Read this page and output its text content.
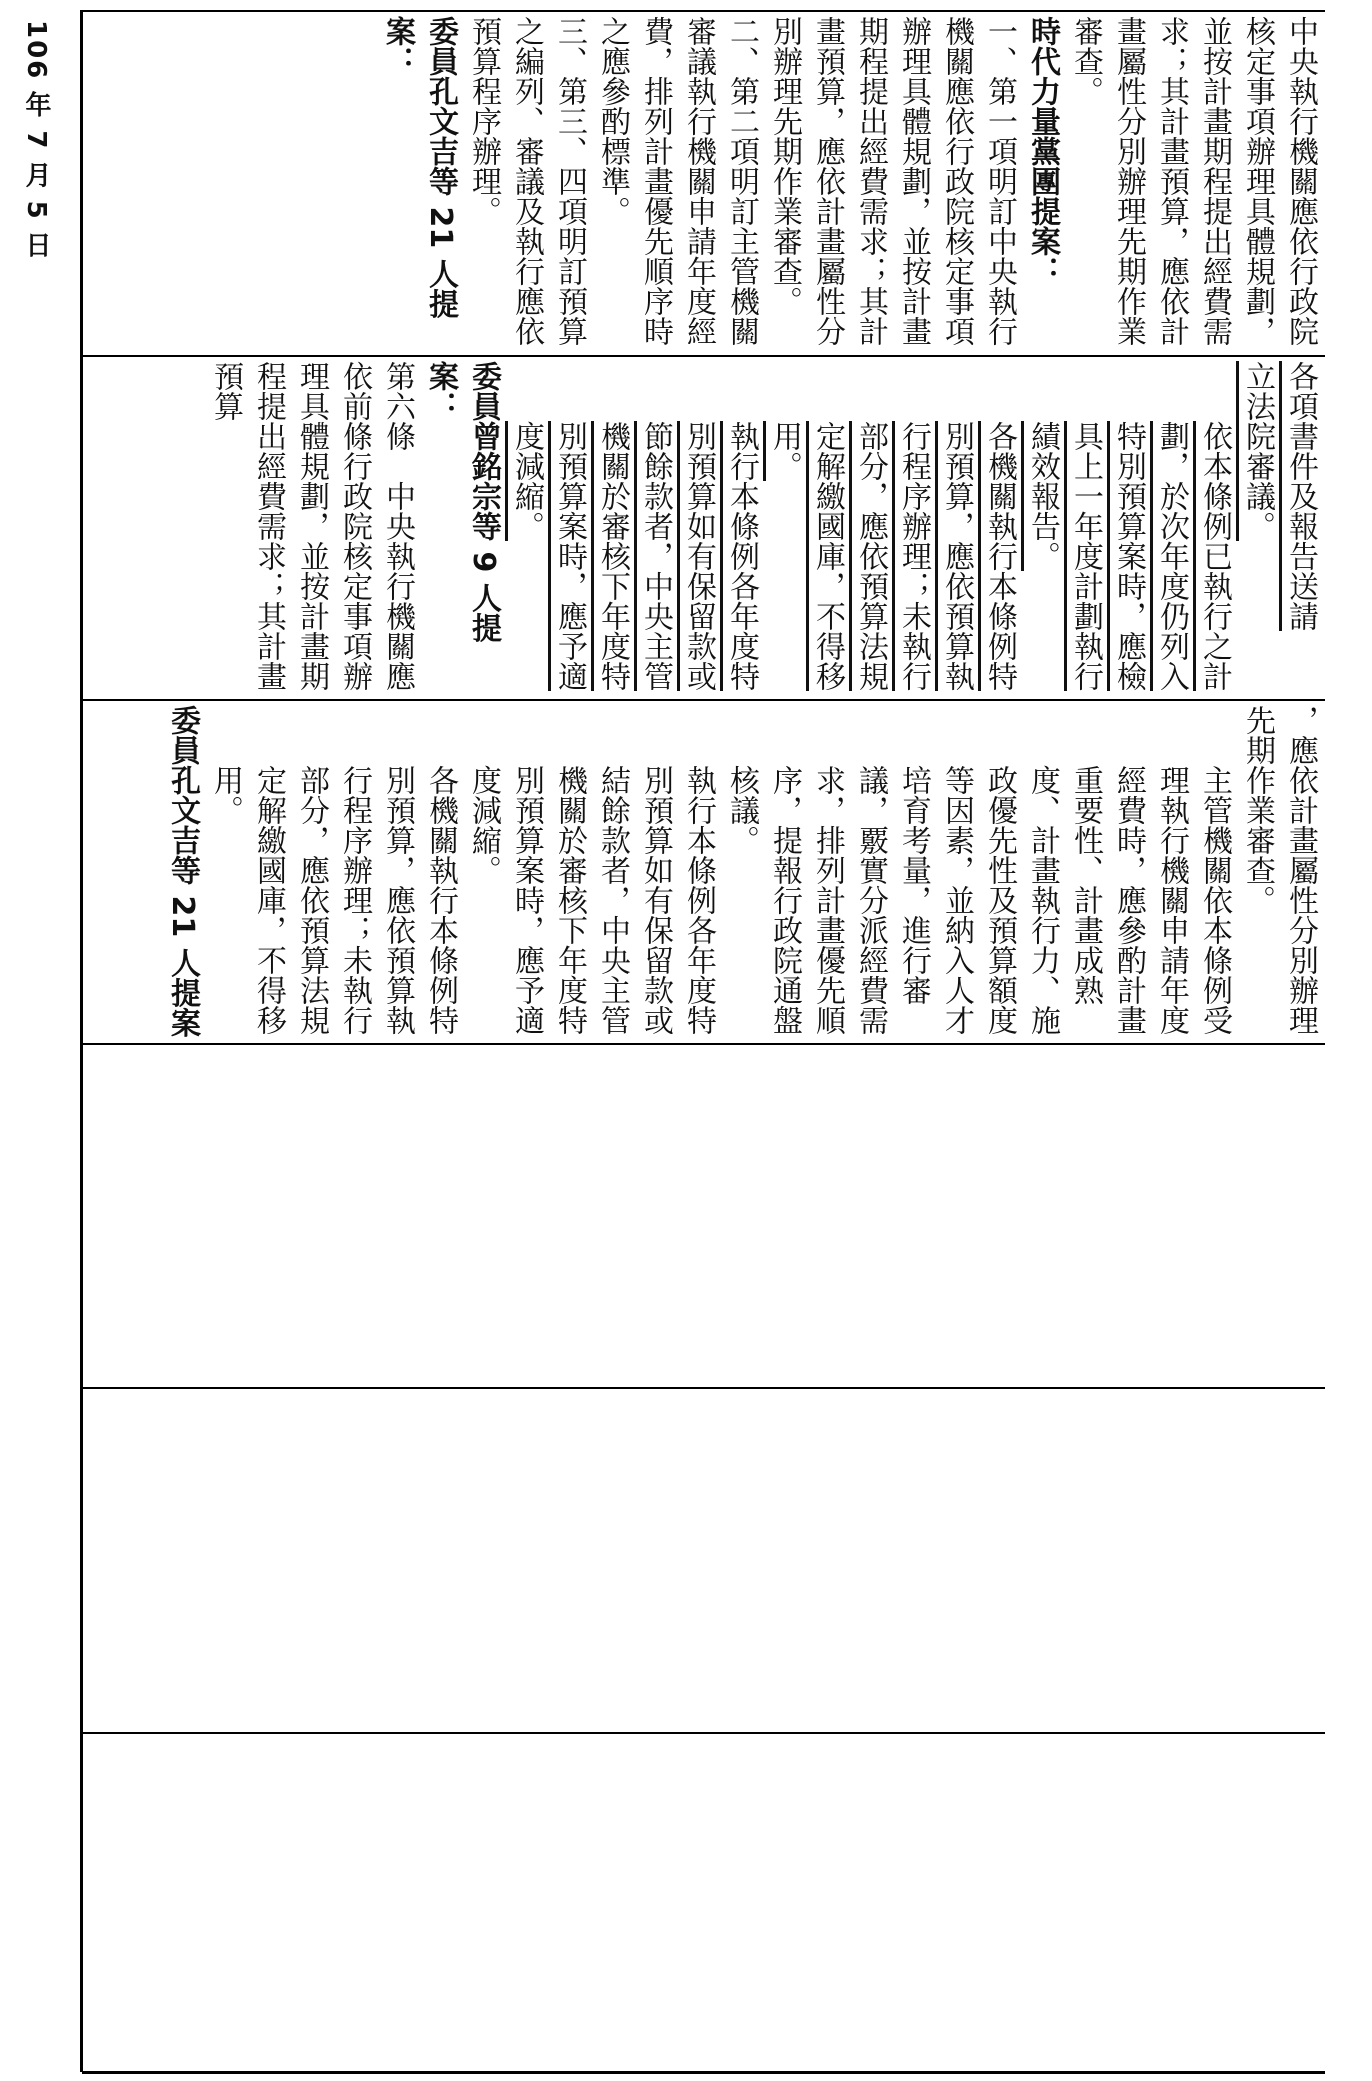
106 年 7 月 5 日	中央執行機關應依行政院核定事項辦理具體規劃，並按計畫期程提出經費需求；其計畫預算，應依計畫屬性分別辦理先期作業審查。

時代力量黨團提案：

一、第一項明訂中央執行機關應依行政院核定事項辦理具體規劃，並按計畫期程提出經費需求；其計畫預算，應依計畫屬性分別辦理先期作業審查。

二、第二項明訂主管機關審議執行機關申請年度經費，排列計畫優先順序時之應參酌標準。

三、第三、四項明訂預算之編列、審議及執行應依預算程序辦理。

委員孔文吉等 21 人提案：

各項書件及報告送請

立法院審議。

依本條例已執行之計劃，於次年度仍列入特別預算案時，應檢具上一年度計劃執行績效報告。

各機關執行本條例特別預算，應依預算執行程序辦理；未執行部分，應依預算法規定解繳國庫，不得移用。

執行本條例各年度特別預算如有保留款或節餘款者，中央主管機關於審核下年度特別預算案時，應予適度減縮。

委員曾銘宗等 9 人提案：

第六條　中央執行機關應依前條行政院核定事項辦理具體規劃，並按計畫期程提出經費需求；其計畫預算

，應依計畫屬性分別辦理先期作業審查。

主管機關依本條例受理執行機關申請年度經費時，應參酌計畫重要性、計畫成熟度、計畫執行力、施政優先性及預算額度等因素，並納入人才培育考量，進行審議，覈實分派經費需求，排列計畫優先順序，提報行政院通盤核議。

執行本條例各年度特別預算如有保留款或結餘款者，中央主管機關於審核下年度特別預算案時，應予適度減縮。

各機關執行本條例特別預算，應依預算執行程序辦理；未執行部分，應依預算法規定解繳國庫，不得移用。

委員孔文吉等 21 人提案
